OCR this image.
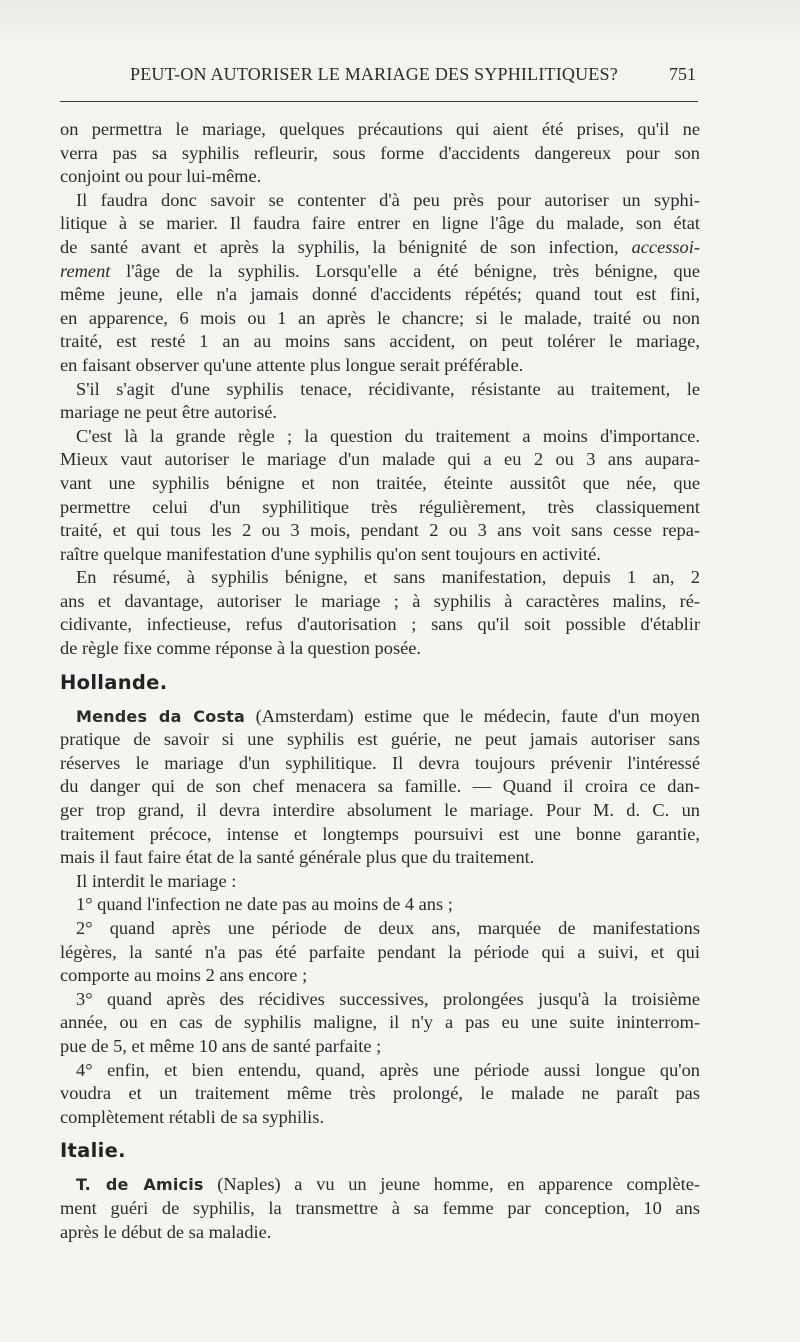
PEUT-ON AUTORISER LE MARIAGE DES SYPHILITIQUES?	751
on permettra le mariage, quelques précautions qui aient été prises, qu'il ne
verra pas sa syphilis refleurir, sous forme d'accidents dangereux pour son
conjoint ou pour lui-même.
Il faudra donc savoir se contenter d'à peu près pour autoriser un syphi-
litique à se marier. Il faudra faire entrer en ligne l'âge du malade, son état
de santé avant et après la syphilis, la bénignité de son infection, accessoi-
rement l'âge de la syphilis. Lorsqu'elle a été bénigne, très bénigne, que
même jeune, elle n'a jamais donné d'accidents répétés; quand tout est fini,
en apparence, 6 mois ou 1 an après le chancre; si le malade, traité ou non
traité, est resté 1 an au moins sans accident, on peut tolérer le mariage,
en faisant observer qu'une attente plus longue serait préférable.
S'il s'agit d'une syphilis tenace, récidivante, résistante au traitement, le
mariage ne peut être autorisé.
C'est là la grande règle ; la question du traitement a moins d'importance.
Mieux vaut autoriser le mariage d'un malade qui a eu 2 ou 3 ans aupara-
vant une syphilis bénigne et non traitée, éteinte aussitôt que née, que
permettre celui d'un syphilitique très régulièrement, très classiquement
traité, et qui tous les 2 ou 3 mois, pendant 2 ou 3 ans voit sans cesse repa-
raître quelque manifestation d'une syphilis qu'on sent toujours en activité.
En résumé, à syphilis bénigne, et sans manifestation, depuis 1 an, 2
ans et davantage, autoriser le mariage ; à syphilis à caractères malins, ré-
cidivante, infectieuse, refus d'autorisation ; sans qu'il soit possible d'établir
de règle fixe comme réponse à la question posée.
Hollande.
Mendes da Costa (Amsterdam) estime que le médecin, faute d'un moyen
pratique de savoir si une syphilis est guérie, ne peut jamais autoriser sans
réserves le mariage d'un syphilitique. Il devra toujours prévenir l'intéressé
du danger qui de son chef menacera sa famille. — Quand il croira ce dan-
ger trop grand, il devra interdire absolument le mariage. Pour M. d. C. un
traitement précoce, intense et longtemps poursuivi est une bonne garantie,
mais il faut faire état de la santé générale plus que du traitement.
Il interdit le mariage :
1° quand l'infection ne date pas au moins de 4 ans ;
2° quand après une période de deux ans, marquée de manifestations
légères, la santé n'a pas été parfaite pendant la période qui a suivi, et qui
comporte au moins 2 ans encore ;
3° quand après des récidives successives, prolongées jusqu'à la troisième
année, ou en cas de syphilis maligne, il n'y a pas eu une suite ininterrom-
pue de 5, et même 10 ans de santé parfaite ;
4° enfin, et bien entendu, quand, après une période aussi longue qu'on
voudra et un traitement même très prolongé, le malade ne paraît pas
complètement rétabli de sa syphilis.
Italie.
T. de Amicis (Naples) a vu un jeune homme, en apparence complète-
ment guéri de syphilis, la transmettre à sa femme par conception, 10 ans
après le début de sa maladie.
